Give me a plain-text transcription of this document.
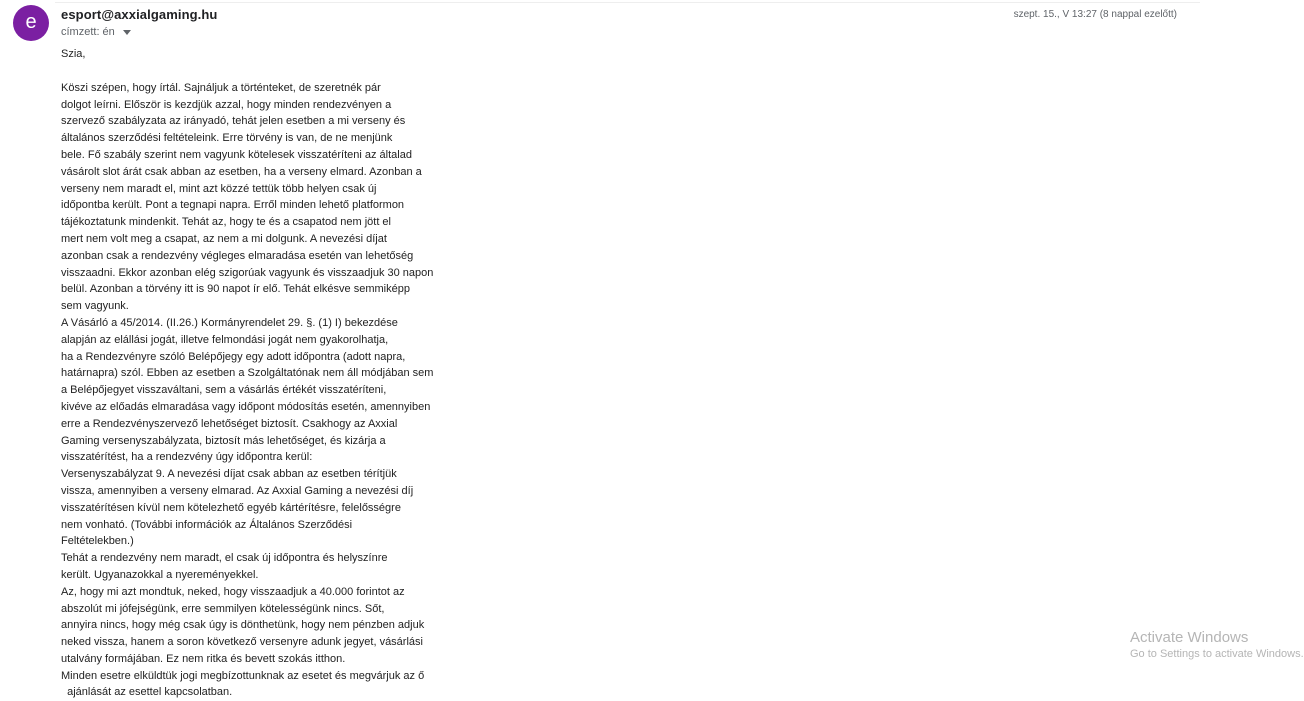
e	esport@axxialgaming.hu
címzett: én
szept. 15., V 13:27 (8 nappal ezelőtt)
Szia,
Köszi szépen, hogy írtál. Sajnáljuk a történteket, de szeretnék pár
dolgot leírni. Először is kezdjük azzal, hogy minden rendezvényen a
szervező szabályzata az irányadó, tehát jelen esetben a mi verseny és
általános szerződési feltételeink. Erre törvény is van, de ne menjünk
bele. Fő szabály szerint nem vagyunk kötelesek visszatéríteni az általad
vásárolt slot árát csak abban az esetben, ha a verseny elmard. Azonban a
verseny nem maradt el, mint azt közzé tettük több helyen csak új
időpontba került. Pont a tegnapi napra. Erről minden lehető platformon
tájékoztatunk mindenkit. Tehát az, hogy te és a csapatod nem jött el
mert nem volt meg a csapat, az nem a mi dolgunk. A nevezési díjat
azonban csak a rendezvény végleges elmaradása esetén van lehetőség
visszaadni. Ekkor azonban elég szigorúak vagyunk és visszaadjuk 30 napon
belül. Azonban a törvény itt is 90 napot ír elő. Tehát elkésve semmiképp
sem vagyunk.
A Vásárló a 45/2014. (II.26.) Kormányrendelet 29. §. (1) I) bekezdése
alapján az elállási jogát, illetve felmondási jogát nem gyakorolhatja,
ha a Rendezvényre szóló Belépőjegy egy adott időpontra (adott napra,
határnapra) szól. Ebben az esetben a Szolgáltatónak nem áll módjában sem
a Belépőjegyet visszaváltani, sem a vásárlás értékét visszatéríteni,
kivéve az előadás elmaradása vagy időpont módosítás esetén, amennyiben
erre a Rendezvényszervező lehetőséget biztosít. Csakhogy az Axxial
Gaming versenyszabályzata, biztosít más lehetőséget, és kizárja a
visszatérítést, ha a rendezvény úgy időpontra kerül:
Versenyszabályzat 9. A nevezési díjat csak abban az esetben térítjük
vissza, amennyiben a verseny elmarad. Az Axxial Gaming a nevezési díj
visszatérítésen kívül nem kötelezhető egyéb kártérítésre, felelősségre
nem vonható. (További információk az Általános Szerződési
Feltételekben.)
Tehát a rendezvény nem maradt, el csak új időpontra és helyszínre
került. Ugyanazokkal a nyereményekkel.
Az, hogy mi azt mondtuk, neked, hogy visszaadjuk a 40.000 forintot az
abszolút mi jófejségünk, erre semmilyen kötelességünk nincs. Sőt,
annyira nincs, hogy még csak úgy is dönthetünk, hogy nem pénzben adjuk
neked vissza, hanem a soron következő versenyre adunk jegyet, vásárlási
utalvány formájában. Ez nem ritka és bevett szokás itthon.
Minden esetre elküldtük jogi megbízottunknak az esetet és megvárjuk az ő
ajánlását az esettel kapcsolatban.
Activate Windows
Go to Settings to activate Windows.
